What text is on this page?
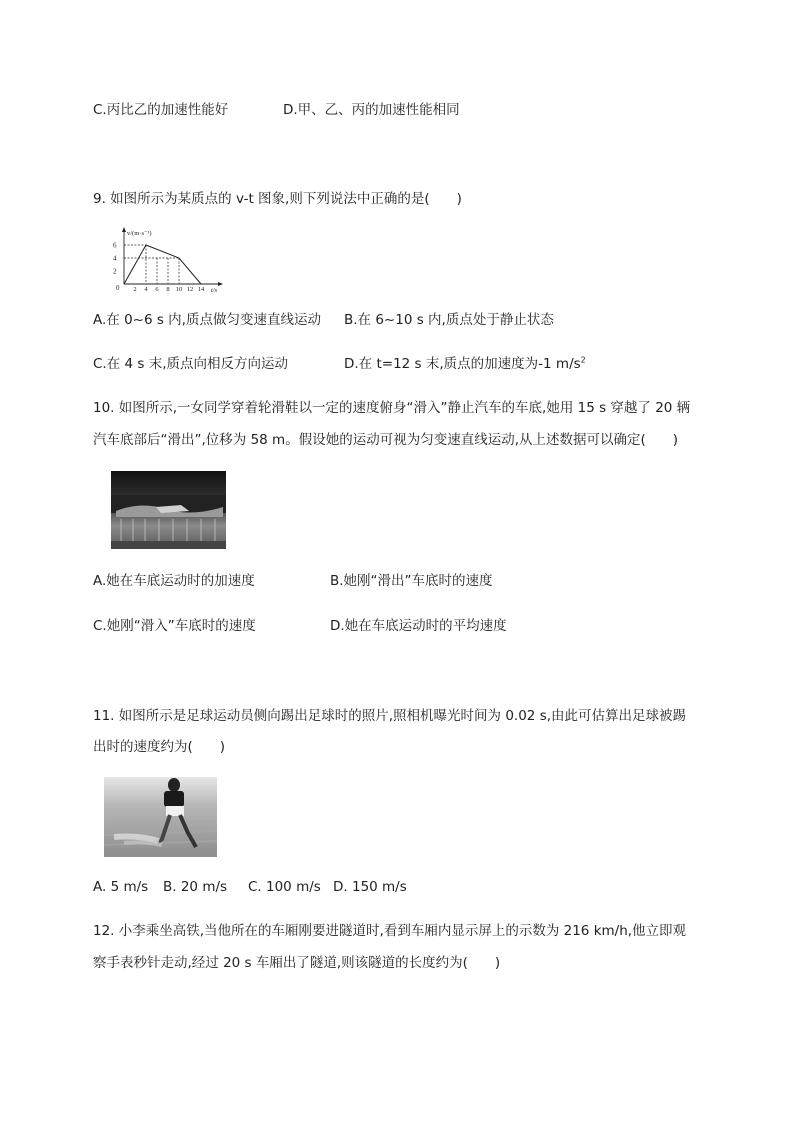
C.丙比乙的加速性能好	D.甲、乙、丙的加速性能相同
9. 如图所示为某质点的 v-t 图象,则下列说法中正确的是(　　)
v/(m·s⁻¹)
t/s
0
6
4
2
2 4 6 8 10 12 14
A.在 0~6 s 内,质点做匀变速直线运动 B.在 6~10 s 内,质点处于静止状态
C.在 4 s 末,质点向相反方向运动	D.在 t=12 s 末,质点的加速度为-1 $m/s^2$
10. 如图所示,一女同学穿着轮滑鞋以一定的速度俯身“滑入”静止汽车的车底,她用 15 s 穿越了 20 辆
汽车底部后“滑出”,位移为 58 m。假设她的运动可视为匀变速直线运动,从上述数据可以确定(　　)
A.她在车底运动时的加速度	B.她刚“滑出”车底时的速度
C.她刚“滑入”车底时的速度	D.她在车底运动时的平均速度
11. 如图所示是足球运动员侧向踢出足球时的照片,照相机曝光时间为 0.02 s,由此可估算出足球被踢
出时的速度约为(　　)
A. 5 m/s B. 20 m/s C. 100 m/s D. 150 m/s
12. 小李乘坐高铁,当他所在的车厢刚要进隧道时,看到车厢内显示屏上的示数为 216 km/h,他立即观
察手表秒针走动,经过 20 s 车厢出了隧道,则该隧道的长度约为(　　)
